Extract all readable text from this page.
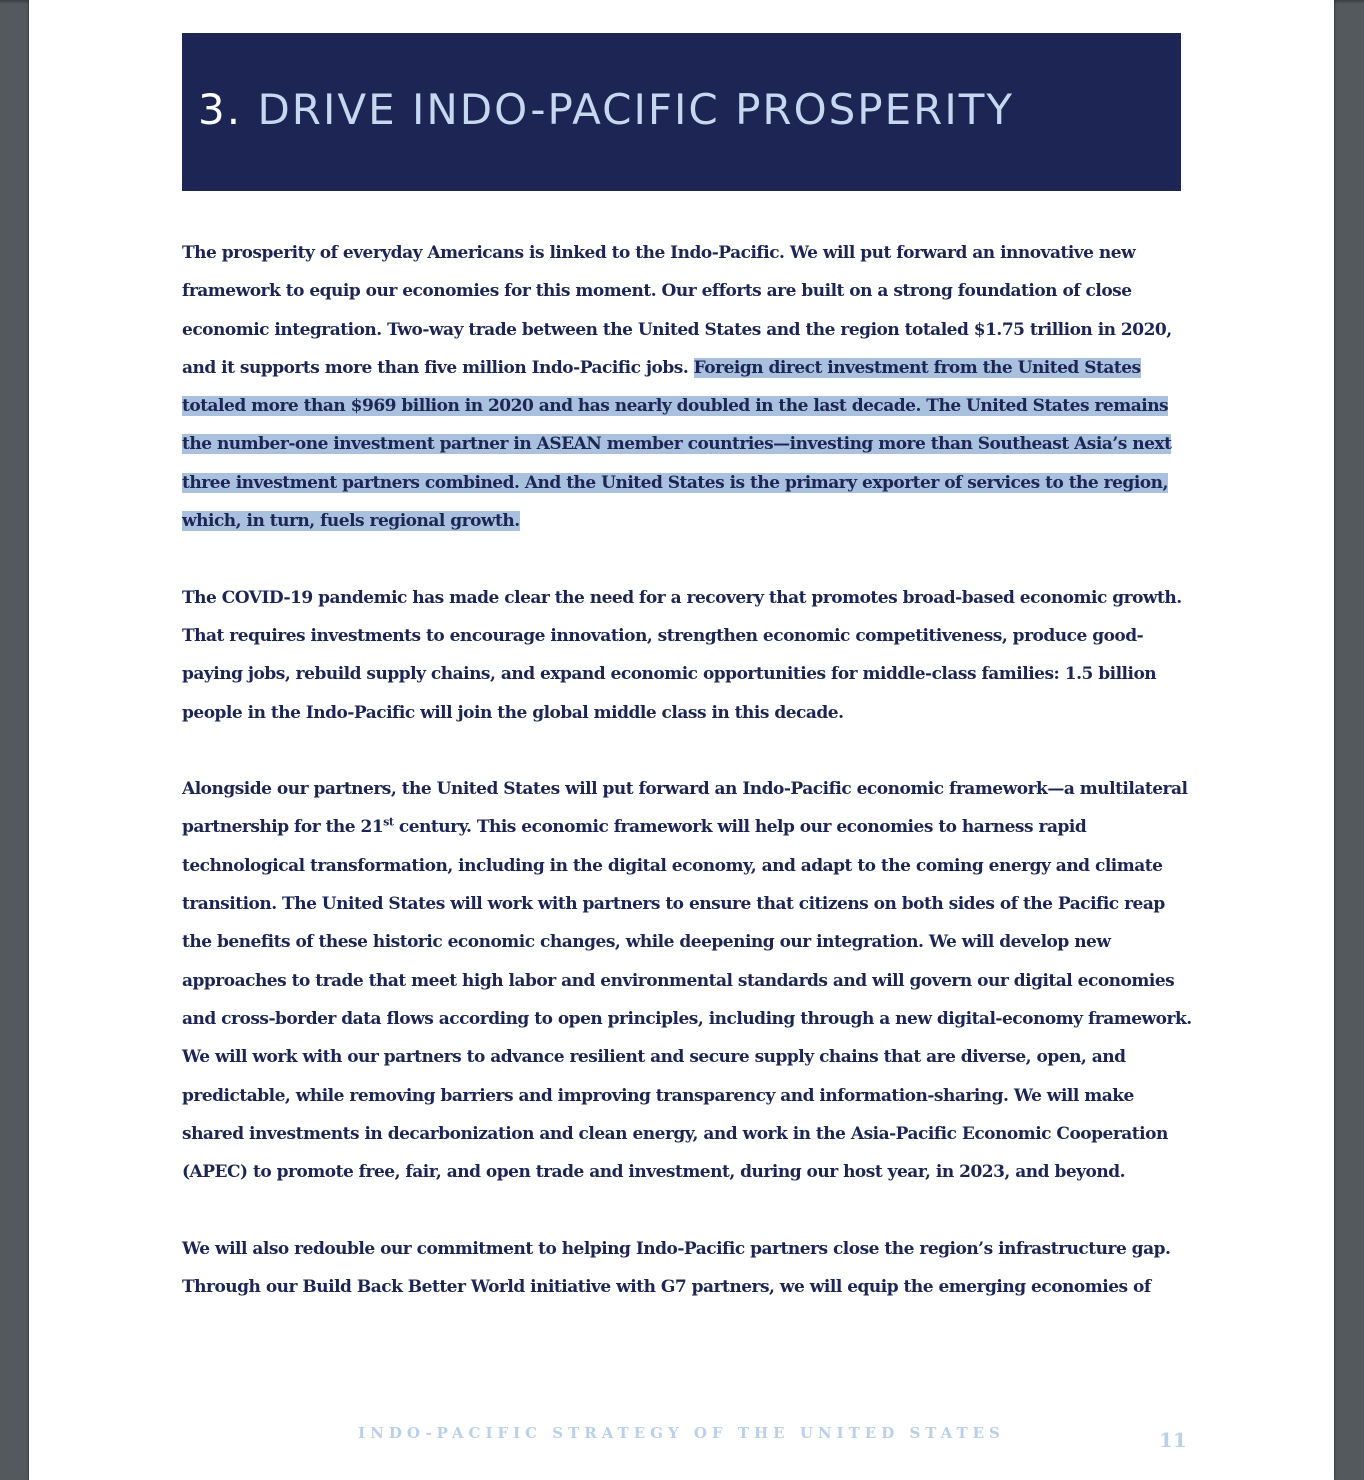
3. DRIVE INDO-PACIFIC PROSPERITY

The prosperity of everyday Americans is linked to the Indo-Pacific. We will put forward an innovative new framework to equip our economies for this moment. Our efforts are built on a strong foundation of close economic integration. Two-way trade between the United States and the region totaled $1.75 trillion in 2020, and it supports more than five million Indo-Pacific jobs. Foreign direct investment from the United States totaled more than $969 billion in 2020 and has nearly doubled in the last decade. The United States remains the number-one investment partner in ASEAN member countries—investing more than Southeast Asia’s next three investment partners combined. And the United States is the primary exporter of services to the region, which, in turn, fuels regional growth.

The COVID-19 pandemic has made clear the need for a recovery that promotes broad-based economic growth. That requires investments to encourage innovation, strengthen economic competitiveness, produce good-paying jobs, rebuild supply chains, and expand economic opportunities for middle-class families: 1.5 billion people in the Indo-Pacific will join the global middle class in this decade.

Alongside our partners, the United States will put forward an Indo-Pacific economic framework—a multilateral partnership for the 21st century. This economic framework will help our economies to harness rapid technological transformation, including in the digital economy, and adapt to the coming energy and climate transition. The United States will work with partners to ensure that citizens on both sides of the Pacific reap the benefits of these historic economic changes, while deepening our integration. We will develop new approaches to trade that meet high labor and environmental standards and will govern our digital economies and cross-border data flows according to open principles, including through a new digital-economy framework. We will work with our partners to advance resilient and secure supply chains that are diverse, open, and predictable, while removing barriers and improving transparency and information-sharing. We will make shared investments in decarbonization and clean energy, and work in the Asia-Pacific Economic Cooperation (APEC) to promote free, fair, and open trade and investment, during our host year, in 2023, and beyond.

We will also redouble our commitment to helping Indo-Pacific partners close the region’s infrastructure gap. Through our Build Back Better World initiative with G7 partners, we will equip the emerging economies of

INDO-PACIFIC STRATEGY OF THE UNITED STATES	11
